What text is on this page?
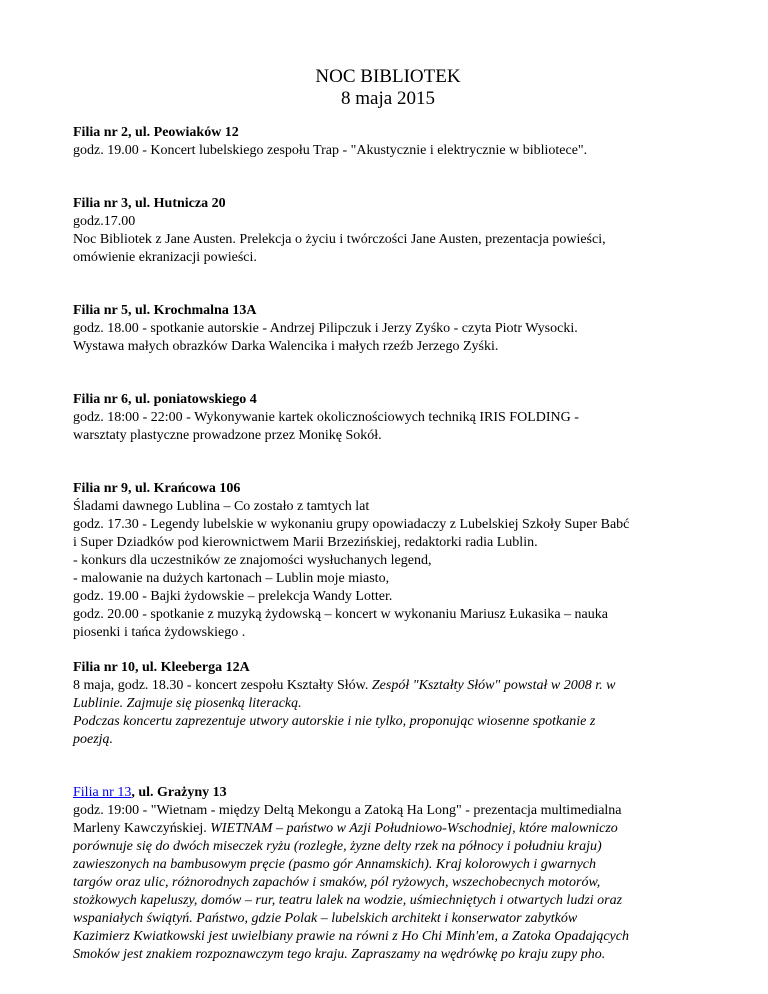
NOC BIBLIOTEK
8 maja 2015

Filia nr 2, ul. Peowiaków 12

godz. 19.00 - Koncert lubelskiego zespołu Trap - "Akustycznie i elektrycznie w bibliotece".

Filia nr 3, ul. Hutnicza 20

godz.17.00

Noc Bibliotek z Jane Austen. Prelekcja o życiu i twórczości Jane Austen, prezentacja powieści,

omówienie ekranizacji powieści.

Filia nr 5, ul. Krochmalna 13A

godz. 18.00 - spotkanie autorskie - Andrzej Pilipczuk i Jerzy Zyśko - czyta Piotr Wysocki.

Wystawa małych obrazków Darka Walencika i małych rzeźb Jerzego Zyśki.

Filia nr 6, ul. poniatowskiego 4

godz. 18:00 - 22:00 - Wykonywanie kartek okolicznościowych techniką IRIS FOLDING -

warsztaty plastyczne prowadzone przez Monikę Sokół.

Filia nr 9, ul. Krańcowa 106

Śladami dawnego Lublina – Co zostało z tamtych lat

godz. 17.30 - Legendy lubelskie w wykonaniu grupy opowiadaczy z Lubelskiej Szkoły Super Babć

i Super Dziadków pod kierownictwem Marii Brzezińskiej, redaktorki radia Lublin.

- konkurs dla uczestników ze znajomości wysłuchanych legend,

- malowanie na dużych kartonach – Lublin moje miasto,

godz. 19.00 - Bajki żydowskie – prelekcja Wandy Lotter.

godz. 20.00 - spotkanie z muzyką żydowską – koncert w wykonaniu Mariusz Łukasika – nauka

piosenki i tańca żydowskiego .

Filia nr 10, ul. Kleeberga 12A

8 maja, godz. 18.30 - koncert zespołu Kształty Słów. Zespół "Kształty Słów" powstał w 2008 r. w

Lublinie. Zajmuje się piosenką literacką.

Podczas koncertu zaprezentuje utwory autorskie i nie tylko, proponując wiosenne spotkanie z

poezją.

Filia nr 13, ul. Grażyny 13

godz. 19:00 - "Wietnam - między Deltą Mekongu a Zatoką Ha Long" - prezentacja multimedialna

Marleny Kawczyńskiej. WIETNAM – państwo w Azji Południowo-Wschodniej, które malowniczo

porównuje się do dwóch miseczek ryżu (rozległe, żyzne delty rzek na północy i południu kraju)

zawieszonych na bambusowym pręcie (pasmo gór Annamskich). Kraj kolorowych i gwarnych

targów oraz ulic, różnorodnych zapachów i smaków, pól ryżowych, wszechobecnych motorów,

stożkowych kapeluszy, domów – rur, teatru lalek na wodzie, uśmiechniętych i otwartych ludzi oraz

wspaniałych świątyń. Państwo, gdzie Polak – lubelskich architekt i konserwator zabytków

Kazimierz Kwiatkowski jest uwielbiany prawie na równi z Ho Chi Minh'em, a Zatoka Opadających

Smoków jest znakiem rozpoznawczym tego kraju. Zapraszamy na wędrówkę po kraju zupy pho.
